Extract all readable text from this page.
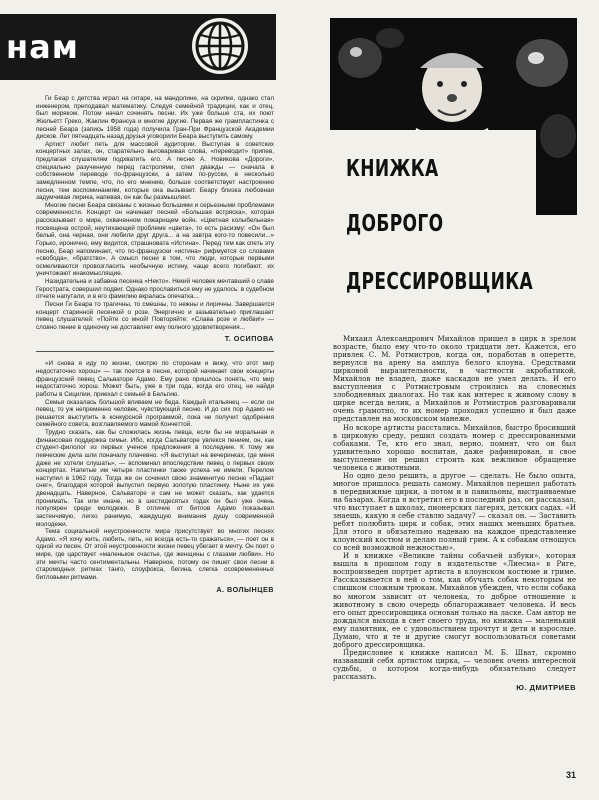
нам

Ги Беар с детства играл на гитаре, на мандолине, на скрипке, однако стал инженером, преподавал математику. Следуя семейной традиции, как и отец, был моряком. Потом начал сочинять песни. Их уже больше ста, их поют Жюльетт Греко, Жаклин Франсуа и многие другие. Первая же грампластинка с песней Беара (запись 1958 года) получила Гран-При Французской Академии дисков. Лет пятнадцать назад друзья уговорили Беара выступить самому.

Артист любит петь для массовой аудитории. Выступая в советских концертных залах, он, старательно выговаривая слова, «переводит» припев, предлагая слушателям подхватить его. А песню А. Новикова «Дороги», специально разученную перед гастролями, спел дважды — сначала в собственном переводе по-французски, а затем по-русски, в несколько замедленном темпе, что, по его мнению, больше соответствует настроению песни, тем воспоминаниям, которые она вызывает. Беару близка любовная задумчивая лирика, напевая, он как бы размышляет.

Многие песни Беара связаны с жизнью большими и серьезными проблемами современности. Концерт он начинает песней «Большая встряска», которая рассказывает о мире, охваченном пожарищем войн. «Цветная колыбельная» посвящена острой, неутихающей проблеме «цвета», то есть расизму: «Он был белый, она черная, они любили друг друга... а на завтра кого-то повесили...» Горько, иронично, ему видится, страшновата «Истина». Перед тем как спеть эту песню, Беар напоминает, что по-французски «истина» рифмуется со словами «свобода», «братство». А смысл песни в том, что люди, которые первыми осмеливаются провозгласить необычную истину, чаще всего погибают: их уничтожают инакомыслящие.

Назидательна и забавна песенка «Некто». Некий человек мечтавший о славе Герострата, совершил подвиг. Однако прославиться ему не удалось: в судебном отчете напутали, и в его фамилию вкралась опечатка...

Песни Ги Беара то трагичны, то смешны, то нежны и лиричны. Завершается концерт старинной песенкой о розе. Энергично и зазывательно приглашает певец слушателей: «Пойте со мной! Повторяйте: «Слава розе и любви!» — словно пение в одиночку не доставляет ему полного удовлетворения...

Т. ОСИПОВА

«И снова я иду по жизни, смотрю по сторонам и вижу, что этот мир недостаточно хорош» — так поется в песне, которой начинает свои концерты французский певец Сальваторе Адамо. Ему рано пришлось понять, что мир недостаточно хорош. Может быть, уже в три года, когда его отец, не найдя работы в Сицилии, приехал с семьей в Бельгию.

Семья оказалась большой вливаем не беда. Каждый итальянец — если он певец, то уж непременно человек, чувствующий песню. И до сих пор Адамо не решается выступить в конкурсной программой, пока не получит одобрения семейного совета, возглавляемого мамой Кончеттой.

Трудно сказать, как бы сложилась жизнь певца, если бы не моральная и финансовая поддержка семьи. Ибо, когда Сальваторе увлекся пением, он, как студент-филолог из первых ученое предложения в последние. К тому же певческие дела шли поначалу плачевно. «Я выступал на вечеринках, где меня даже не хотели слушать», — вспоминал впоследствии певец о первых своих концертах. Напетые им четыре пластинки также успеха не имели. Перелом наступил в 1962 году. Тогда же он сочинил свою знаменитую песню «Падает снег», благодаря которой выпустил первую золотую пластинку. Ныне их уже двенадцать. Наверное, Сальваторе и сам не может сказать, как удается пронимать. Так или иначе, но в шестидесятых годах он был уже очень популярен среди молодежи. В отличие от битлов Адамо показывал застенчивую, легко ранимую, жаждущую внимания душу современной молодежи.

Тема социальной неустроенности мира присутствует во многих песнях Адамо. «Я хочу жить, любить, петь, но всегда есть-то сражаться», — поет он в одной из песен. От этой неустроенности жизни певец убегает в мечту. Он поет о мире, где царствует «маленькое счастье, где женщины с глазами любви». Но эти мечты часто сентиментальны. Наверное, потому он пишет свои песни в старомодных ритмах танго, слоуфокса, бегина, слегка осовремененных битловыми ритмами.

А. ВОЛЫНЦЕВ
КНИЖКА
ДОБРОГО
ДРЕССИРОВЩИКА

Михаил Александрович Михайлов пришел в цирк в зрелом возрасте, было ему что-то около тридцати лет. Кажется, его привлек С. М. Ротмистров, когда он, поработав в оперетте, вернулся на арену на амплуа белого клоуна. Средствами цирковой выразительности, в частности акробатикой, Михайлов не владел, даже каскадов не умел делать. И его выступления с Ротмистровым строились на словесных злободневных диалогах. Но так как интерес к живому слову в цирке всегда велик, а Михайлов и Ротмистров разговаривали очень грамотно, то их номер проходил успешно и был даже представлен на московском манеже.

Но вскоре артисты расстались. Михайлов, быстро бросивший в цирковую среду, решил создать номер с дрессированными собаками. Те, кто его знал, верно, помнят, что он был удивительно хорошо воспитан, даже рафинирован, и свое выступление он решил строить как вежливое обращение человека с животными.

Но одно дело решить, а другое — сделать. Не было опыта, многое пришлось решать самому. Михайлов перешел работать в передвижные цирки, а потом и в павильоны, выстраиваемые на базарах. Когда я встретил его в последний раз, он рассказал, что выступает в школах, пионерских лагерях, детских садах. «И знаешь, какую я себе ставлю задачу? — сказал он. — Заставить ребят полюбить цирк и собак, этих наших меньших братьев. Для этого я обязательно надеваю на каждое представление клоунский костюм и делаю полный грим. А к собакам отношусь со всей возможной нежностью».

И в книжке «Великие тайны собачьей азбуки», которая вышла в прошлом году в издательстве «Лиесма» в Риге, воспроизведен портрет артиста в клоунском костюме и гриме. Рассказывается в ней о том, как обучать собак некоторым не слишком сложным трюкам. Михайлов убежден, что если собака во многом зависит от человека, то доброе отношение к животному в свою очередь облагораживает человека. И весь его опыт дрессировщика основан только на ласке. Сам автор не дождался выхода в свет своего труда, но книжка — маленький ему памятник, ее с удовольствием прочтут и дети и взрослые. Думаю, что и те и другие смогут воспользоваться советами доброго дрессировщика.

Предисловие к книжке написал М. Б. Шват, скромно назвавший себя артистом цирка, — человек очень интересной судьбы, о котором когда-нибудь обязательно следует рассказать.

Ю. ДМИТРИЕВ
31
